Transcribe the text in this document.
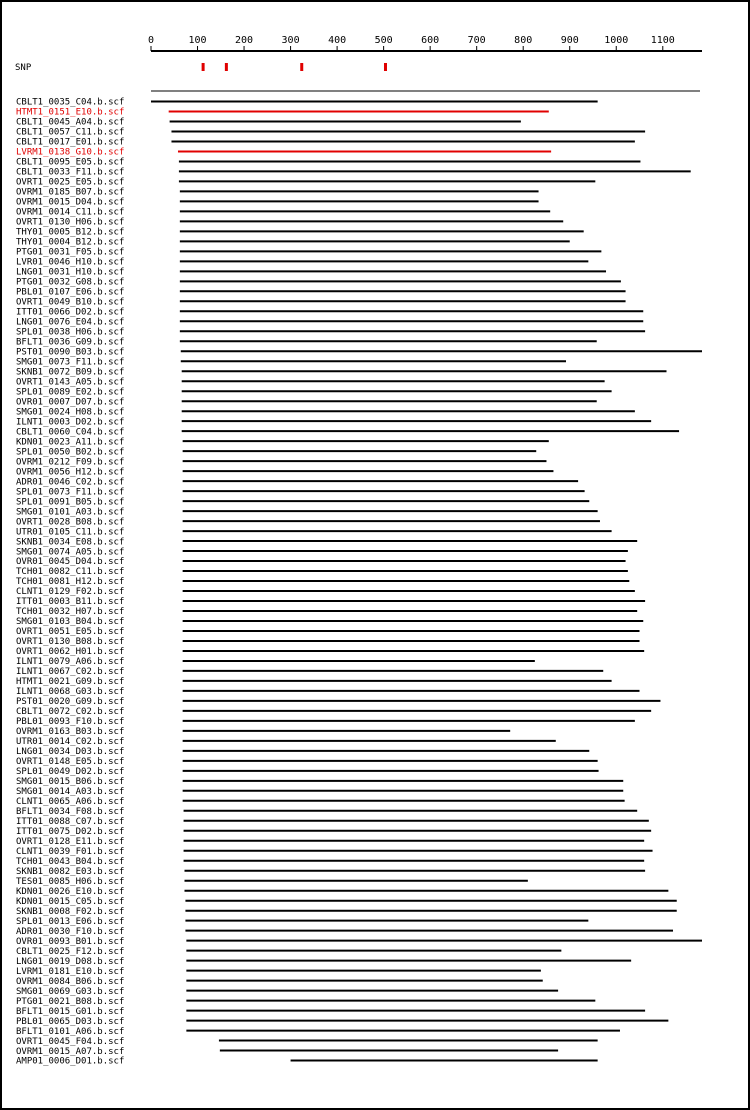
0	100	200	300	400	500	600	700	800	900	1000 1100
SNP
CBLT1_0035_C04.b.scf
HTMT1_0151_E10.b.scf
CBLT1_0045_A04.b.scf
CBLT1_0057_C11.b.scf
CBLT1_0017_E01.b.scf
LVRM1_0138_G10.b.scf
CBLT1_0095_E05.b.scf
CBLT1_0033_F11.b.scf
OVRT1_0025_E05.b.scf
OVRM1_0185_B07.b.scf
OVRM1_0015_D04.b.scf
OVRM1_0014_C11.b.scf
OVRT1_0130_H06.b.scf
THY01_0005_B12.b.scf
THY01_0004_B12.b.scf
PTG01_0031_F05.b.scf
LVR01_0046_H10.b.scf
LNG01_0031_H10.b.scf
PTG01_0032_G08.b.scf
PBL01_0107_E06.b.scf
OVRT1_0049_B10.b.scf
ITT01_0066_D02.b.scf
LNG01_0076_E04.b.scf
SPL01_0038_H06.b.scf
BFLT1_0036_G09.b.scf
PST01_0090_B03.b.scf
SMG01_0073_F11.b.scf
SKNB1_0072_B09.b.scf
OVRT1_0143_A05.b.scf
SPL01_0089_E02.b.scf
OVR01_0007_D07.b.scf
SMG01_0024_H08.b.scf
ILNT1_0003_D02.b.scf
CBLT1_0060_C04.b.scf
KDN01_0023_A11.b.scf
SPL01_0050_B02.b.scf
OVRM1_0212_F09.b.scf
OVRM1_0056_H12.b.scf
ADR01_0046_C02.b.scf
SPL01_0073_F11.b.scf
SPL01_0091_B05.b.scf
SMG01_0101_A03.b.scf
OVRT1_0028_B08.b.scf
UTR01_0105_C11.b.scf
SKNB1_0034_E08.b.scf
SMG01_0074_A05.b.scf
OVR01_0045_D04.b.scf
TCH01_0082_C11.b.scf
TCH01_0081_H12.b.scf
CLNT1_0129_F02.b.scf
ITT01_0003_B11.b.scf
TCH01_0032_H07.b.scf
SMG01_0103_B04.b.scf
OVRT1_0051_E05.b.scf
OVRT1_0130_B08.b.scf
OVRT1_0062_H01.b.scf
ILNT1_0079_A06.b.scf
ILNT1_0067_C02.b.scf
HTMT1_0021_G09.b.scf
ILNT1_0068_G03.b.scf
PST01_0020_G09.b.scf
CBLT1_0072_C02.b.scf
PBL01_0093_F10.b.scf
OVRM1_0163_B03.b.scf
UTR01_0014_C02.b.scf
LNG01_0034_D03.b.scf
OVRT1_0148_E05.b.scf
SPL01_0049_D02.b.scf
SMG01_0015_B06.b.scf
SMG01_0014_A03.b.scf
CLNT1_0065_A06.b.scf
BFLT1_0034_F08.b.scf
ITT01_0088_C07.b.scf
ITT01_0075_D02.b.scf
OVRT1_0128_E11.b.scf
CLNT1_0039_F01.b.scf
TCH01_0043_B04.b.scf
SKNB1_0082_E03.b.scf
TES01_0085_H06.b.scf
KDN01_0026_E10.b.scf
KDN01_0015_C05.b.scf
SKNB1_0008_F02.b.scf
SPL01_0013_E06.b.scf
ADR01_0030_F10.b.scf
OVR01_0093_B01.b.scf
CBLT1_0025_F12.b.scf
LNG01_0019_D08.b.scf
LVRM1_0181_E10.b.scf
OVRM1_0084_B06.b.scf
SMG01_0069_G03.b.scf
PTG01_0021_B08.b.scf
BFLT1_0015_G01.b.scf
PBL01_0065_D03.b.scf
BFLT1_0101_A06.b.scf
OVRT1_0045_F04.b.scf
OVRM1_0015_A07.b.scf
AMP01_0006_D01.b.scf
